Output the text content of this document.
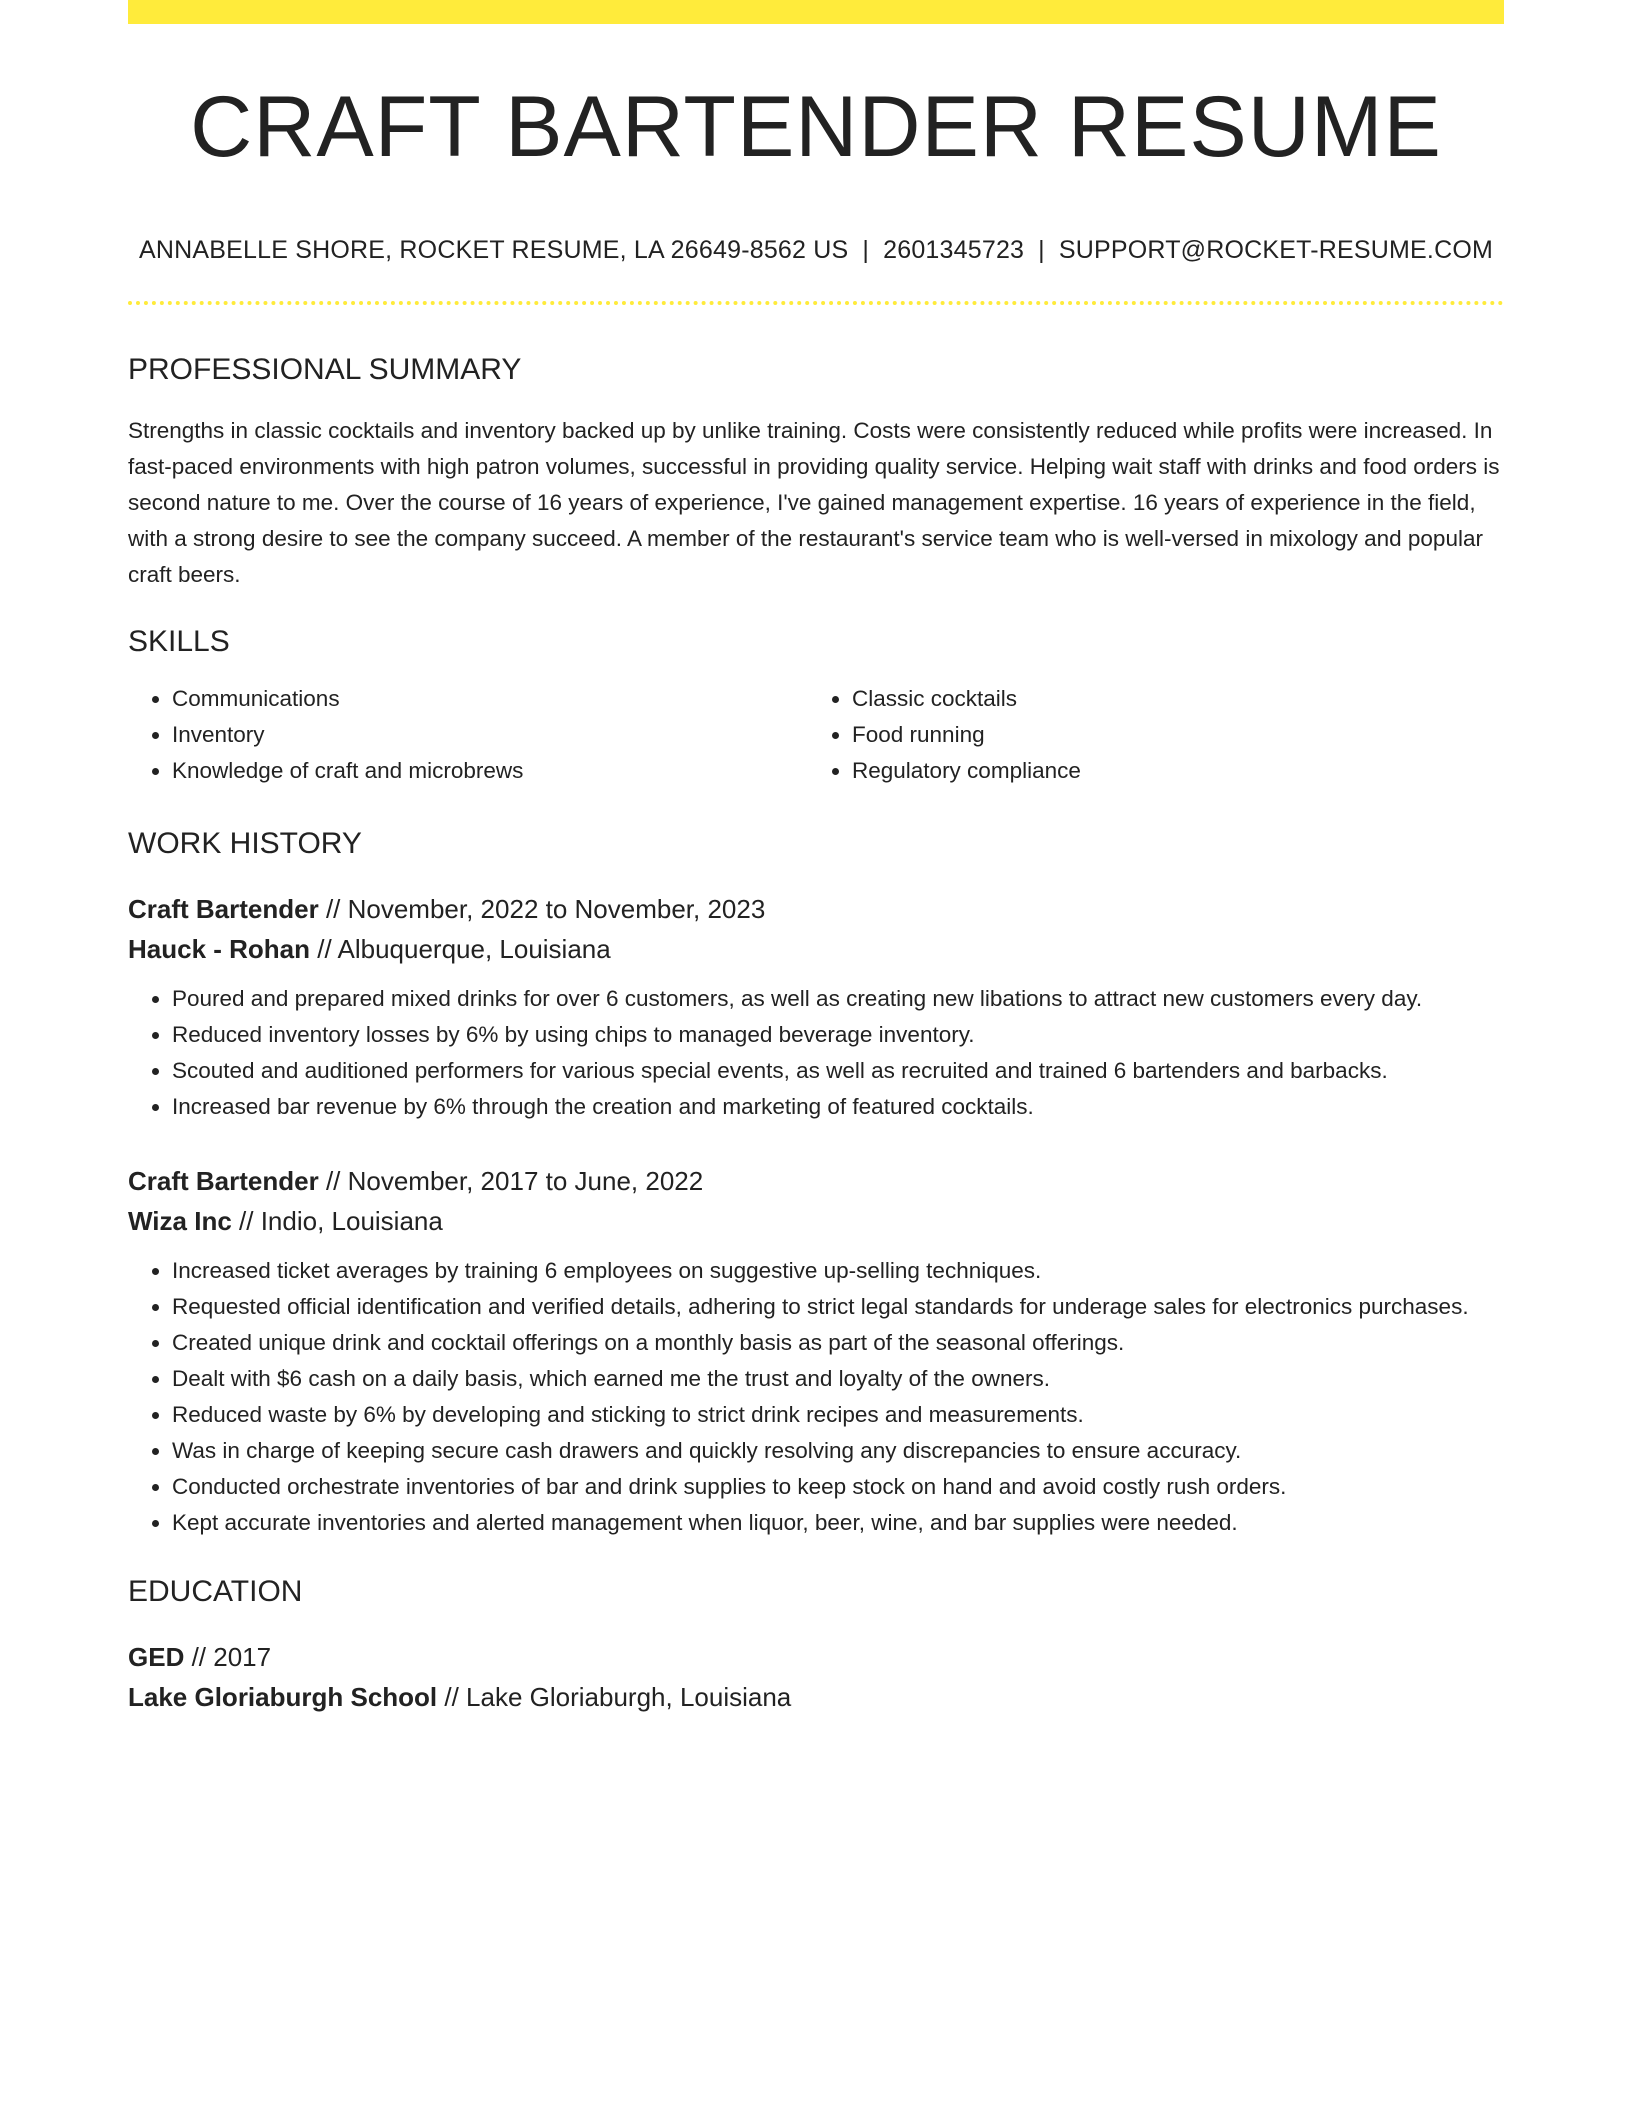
CRAFT BARTENDER RESUME
ANNABELLE SHORE, ROCKET RESUME, LA 26649-8562 US | 2601345723 | SUPPORT@ROCKET-RESUME.COM
PROFESSIONAL SUMMARY

Strengths in classic cocktails and inventory backed up by unlike training. Costs were consistently reduced while profits were increased. In fast-paced environments with high patron volumes, successful in providing quality service. Helping wait staff with drinks and food orders is second nature to me. Over the course of 16 years of experience, I've gained management expertise. 16 years of experience in the field, with a strong desire to see the company succeed. A member of the restaurant's service team who is well-versed in mixology and popular craft beers.

SKILLS
• Communications
• Inventory
• Knowledge of craft and microbrews
• Classic cocktails
• Food running
• Regulatory compliance
WORK HISTORY
Craft Bartender // November, 2022 to November, 2023
Hauck - Rohan // Albuquerque, Louisiana
• Poured and prepared mixed drinks for over 6 customers, as well as creating new libations to attract new customers every day.
• Reduced inventory losses by 6% by using chips to managed beverage inventory.
• Scouted and auditioned performers for various special events, as well as recruited and trained 6 bartenders and barbacks.
• Increased bar revenue by 6% through the creation and marketing of featured cocktails.
Craft Bartender // November, 2017 to June, 2022
Wiza Inc // Indio, Louisiana
• Increased ticket averages by training 6 employees on suggestive up-selling techniques.
• Requested official identification and verified details, adhering to strict legal standards for underage sales for electronics purchases.
• Created unique drink and cocktail offerings on a monthly basis as part of the seasonal offerings.
• Dealt with $6 cash on a daily basis, which earned me the trust and loyalty of the owners.
• Reduced waste by 6% by developing and sticking to strict drink recipes and measurements.
• Was in charge of keeping secure cash drawers and quickly resolving any discrepancies to ensure accuracy.
• Conducted orchestrate inventories of bar and drink supplies to keep stock on hand and avoid costly rush orders.
• Kept accurate inventories and alerted management when liquor, beer, wine, and bar supplies were needed.
EDUCATION
GED // 2017
Lake Gloriaburgh School // Lake Gloriaburgh, Louisiana
